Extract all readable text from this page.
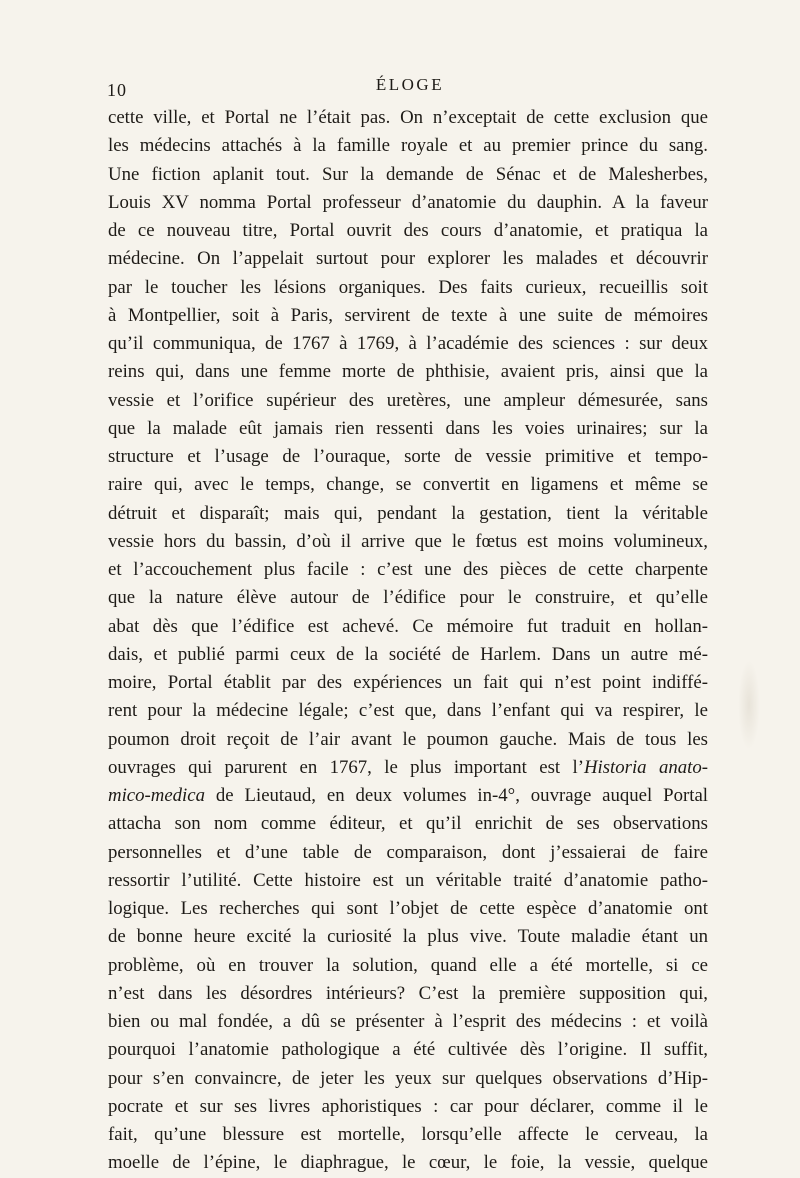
10	ÉLOGE
cette ville, et Portal ne l’était pas. On n’exceptait de cette exclusion que
les médecins attachés à la famille royale et au premier prince du sang.
Une fiction aplanit tout. Sur la demande de Sénac et de Malesherbes,
Louis XV nomma Portal professeur d’anatomie du dauphin. A la faveur
de ce nouveau titre, Portal ouvrit des cours d’anatomie, et pratiqua la
médecine. On l’appelait surtout pour explorer les malades et découvrir
par le toucher les lésions organiques. Des faits curieux, recueillis soit
à Montpellier, soit à Paris, servirent de texte à une suite de mémoires
qu’il communiqua, de 1767 à 1769, à l’académie des sciences : sur deux
reins qui, dans une femme morte de phthisie, avaient pris, ainsi que la
vessie et l’orifice supérieur des uretères, une ampleur démesurée, sans
que la malade eût jamais rien ressenti dans les voies urinaires; sur la
structure et l’usage de l’ouraque, sorte de vessie primitive et tempo-
raire qui, avec le temps, change, se convertit en ligamens et même se
détruit et disparaît; mais qui, pendant la gestation, tient la véritable
vessie hors du bassin, d’où il arrive que le fœtus est moins volumineux,
et l’accouchement plus facile : c’est une des pièces de cette charpente
que la nature élève autour de l’édifice pour le construire, et qu’elle
abat dès que l’édifice est achevé. Ce mémoire fut traduit en hollan-
dais, et publié parmi ceux de la société de Harlem. Dans un autre mé-
moire, Portal établit par des expériences un fait qui n’est point indiffé-
rent pour la médecine légale; c’est que, dans l’enfant qui va respirer, le
poumon droit reçoit de l’air avant le poumon gauche. Mais de tous les
ouvrages qui parurent en 1767, le plus important est l’Historia anato-
mico-medica de Lieutaud, en deux volumes in-4°, ouvrage auquel Portal
attacha son nom comme éditeur, et qu’il enrichit de ses observations
personnelles et d’une table de comparaison, dont j’essaierai de faire
ressortir l’utilité. Cette histoire est un véritable traité d’anatomie patho-
logique. Les recherches qui sont l’objet de cette espèce d’anatomie ont
de bonne heure excité la curiosité la plus vive. Toute maladie étant un
problème, où en trouver la solution, quand elle a été mortelle, si ce
n’est dans les désordres intérieurs? C’est la première supposition qui,
bien ou mal fondée, a dû se présenter à l’esprit des médecins : et voilà
pourquoi l’anatomie pathologique a été cultivée dès l’origine. Il suffit,
pour s’en convaincre, de jeter les yeux sur quelques observations d’Hip-
pocrate et sur ses livres aphoristiques : car pour déclarer, comme il le
fait, qu’une blessure est mortelle, lorsqu’elle affecte le cerveau, la
moelle de l’épine, le diaphrague, le cœur, le foie, la vessie, quelque
